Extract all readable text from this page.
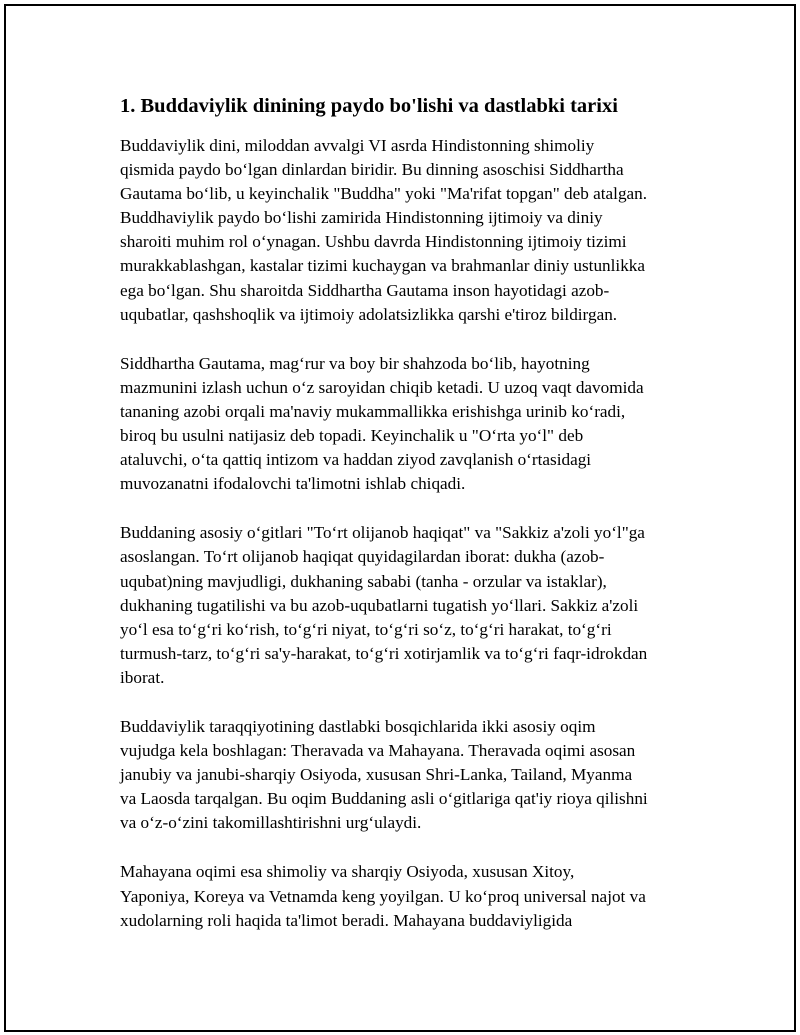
1. Buddaviylik dinining paydo bo'lishi va dastlabki tarixi

Buddaviylik dini, miloddan avvalgi VI asrda Hindistonning shimoliy
qismida paydo bo‘lgan dinlardan biridir. Bu dinning asoschisi Siddhartha
Gautama bo‘lib, u keyinchalik "Buddha" yoki "Ma'rifat topgan" deb atalgan.
Buddhaviylik paydo bo‘lishi zamirida Hindistonning ijtimoiy va diniy
sharoiti muhim rol o‘ynagan. Ushbu davrda Hindistonning ijtimoiy tizimi
murakkablashgan, kastalar tizimi kuchaygan va brahmanlar diniy ustunlikka
ega bo‘lgan. Shu sharoitda Siddhartha Gautama inson hayotidagi azob-
uqubatlar, qashshoqlik va ijtimoiy adolatsizlikka qarshi e'tiroz bildirgan.

Siddhartha Gautama, mag‘rur va boy bir shahzoda bo‘lib, hayotning
mazmunini izlash uchun o‘z saroyidan chiqib ketadi. U uzoq vaqt davomida
tananing azobi orqali ma'naviy mukammallikka erishishga urinib ko‘radi,
biroq bu usulni natijasiz deb topadi. Keyinchalik u "O‘rta yo‘l" deb
ataluvchi, o‘ta qattiq intizom va haddan ziyod zavqlanish o‘rtasidagi
muvozanatni ifodalovchi ta'limotni ishlab chiqadi.

Buddaning asosiy o‘gitlari "To‘rt olijanob haqiqat" va "Sakkiz a'zoli yo‘l"ga
asoslangan. To‘rt olijanob haqiqat quyidagilardan iborat: dukha (azob-
uqubat)ning mavjudligi, dukhaning sababi (tanha - orzular va istaklar),
dukhaning tugatilishi va bu azob-uqubatlarni tugatish yo‘llari. Sakkiz a'zoli
yo‘l esa to‘g‘ri ko‘rish, to‘g‘ri niyat, to‘g‘ri so‘z, to‘g‘ri harakat, to‘g‘ri
turmush-tarz, to‘g‘ri sa'y-harakat, to‘g‘ri xotirjamlik va to‘g‘ri faqr-idrokdan
iborat.

Buddaviylik taraqqiyotining dastlabki bosqichlarida ikki asosiy oqim
vujudga kela boshlagan: Theravada va Mahayana. Theravada oqimi asosan
janubiy va janubi-sharqiy Osiyoda, xususan Shri-Lanka, Tailand, Myanma
va Laosda tarqalgan. Bu oqim Buddaning asli o‘gitlariga qat'iy rioya qilishni
va o‘z-o‘zini takomillashtirishni urg‘ulaydi.

Mahayana oqimi esa shimoliy va sharqiy Osiyoda, xususan Xitoy,
Yaponiya, Koreya va Vetnamda keng yoyilgan. U ko‘proq universal najot va
xudolarning roli haqida ta'limot beradi. Mahayana buddaviyligida
